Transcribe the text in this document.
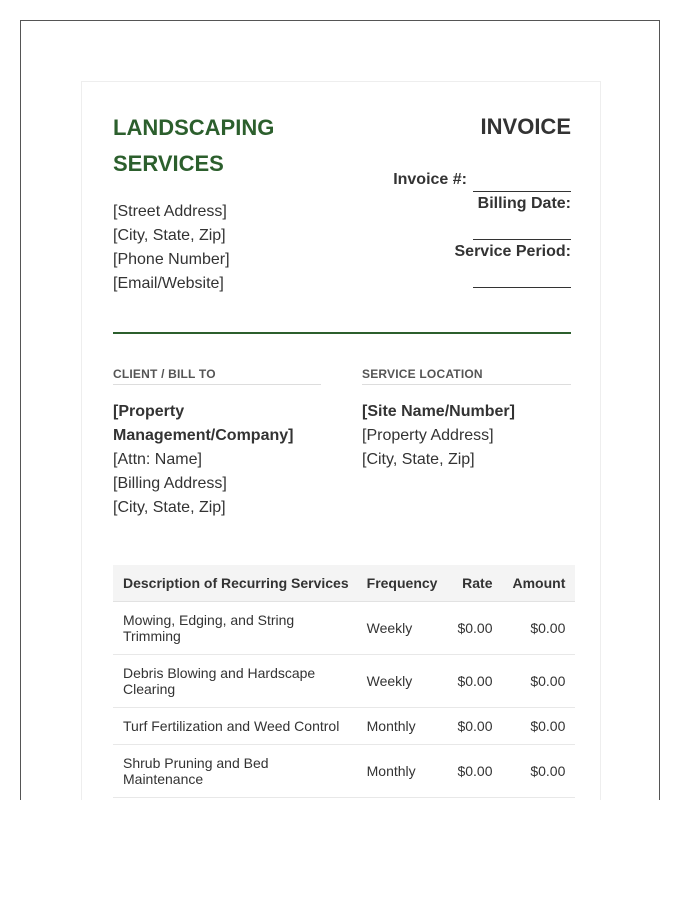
LANDSCAPING SERVICES
[Street Address]
[City, State, Zip]
[Phone Number]
[Email/Website]
INVOICE
Invoice #:
Billing Date:
Service Period:
CLIENT / BILL TO	SERVICE LOCATION
[Property Management/Company]
[Attn: Name]
[Billing Address]
[City, State, Zip]
[Site Name/Number]
[Property Address]
[City, State, Zip]
Description of Recurring Services	Frequency	Rate	Amount
Mowing, Edging, and String Trimming	Weekly	$0.00	$0.00
Debris Blowing and Hardscape Clearing	Weekly	$0.00	$0.00
Turf Fertilization and Weed Control	Monthly	$0.00	$0.00
Shrub Pruning and Bed Maintenance	Monthly	$0.00	$0.00
